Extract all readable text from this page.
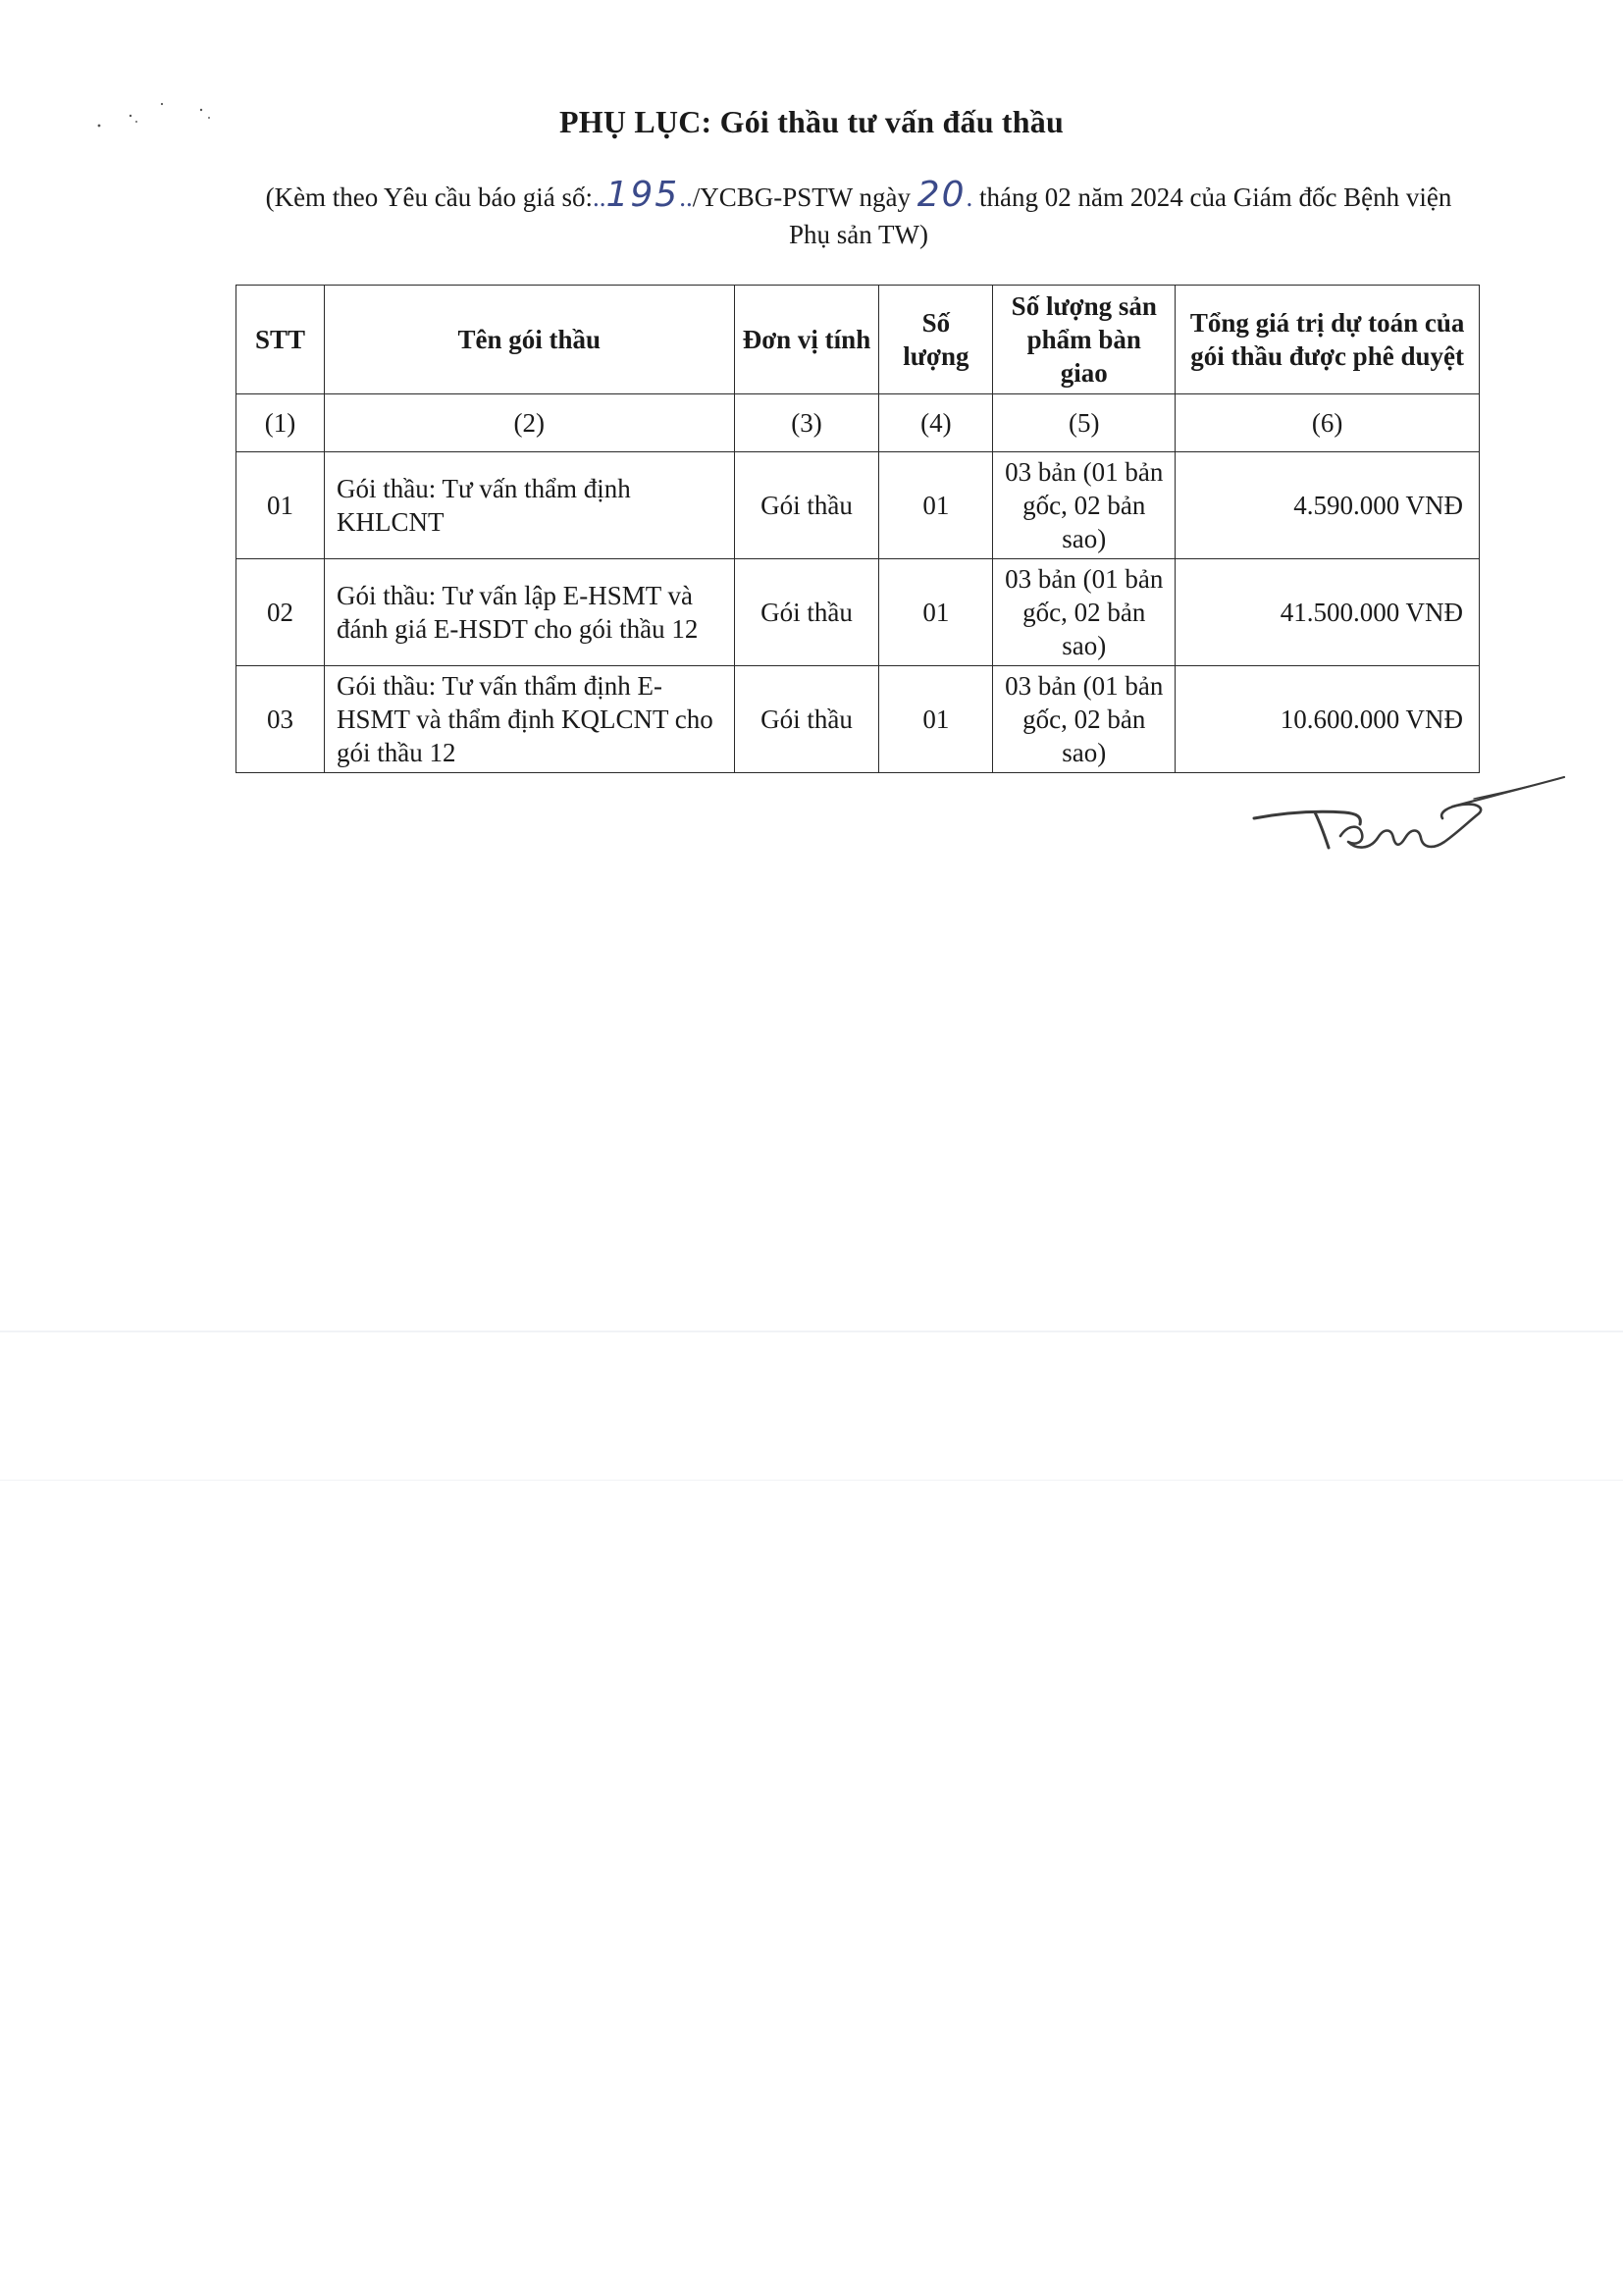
PHỤ LỤC: Gói thầu tư vấn đấu thầu
(Kèm theo Yêu cầu báo giá số:..195../YCBG-PSTW ngày 20. tháng 02 năm 2024 của Giám đốc Bệnh viện Phụ sản TW)
STT	Tên gói thầu	Đơn vị tính	Số lượng	Số lượng sản phẩm bàn giao	Tổng giá trị dự toán của gói thầu được phê duyệt
(1)	(2)	(3)	(4)	(5)	(6)
01	Gói thầu: Tư vấn thẩm định KHLCNT	Gói thầu	01	03 bản (01 bản gốc, 02 bản sao)	4.590.000 VNĐ
02	Gói thầu: Tư vấn lập E-HSMT và đánh giá E-HSDT cho gói thầu 12	Gói thầu	01	03 bản (01 bản gốc, 02 bản sao)	41.500.000 VNĐ
03	Gói thầu: Tư vấn thẩm định E-HSMT và thẩm định KQLCNT cho gói thầu 12	Gói thầu	01	03 bản (01 bản gốc, 02 bản sao)	10.600.000 VNĐ
